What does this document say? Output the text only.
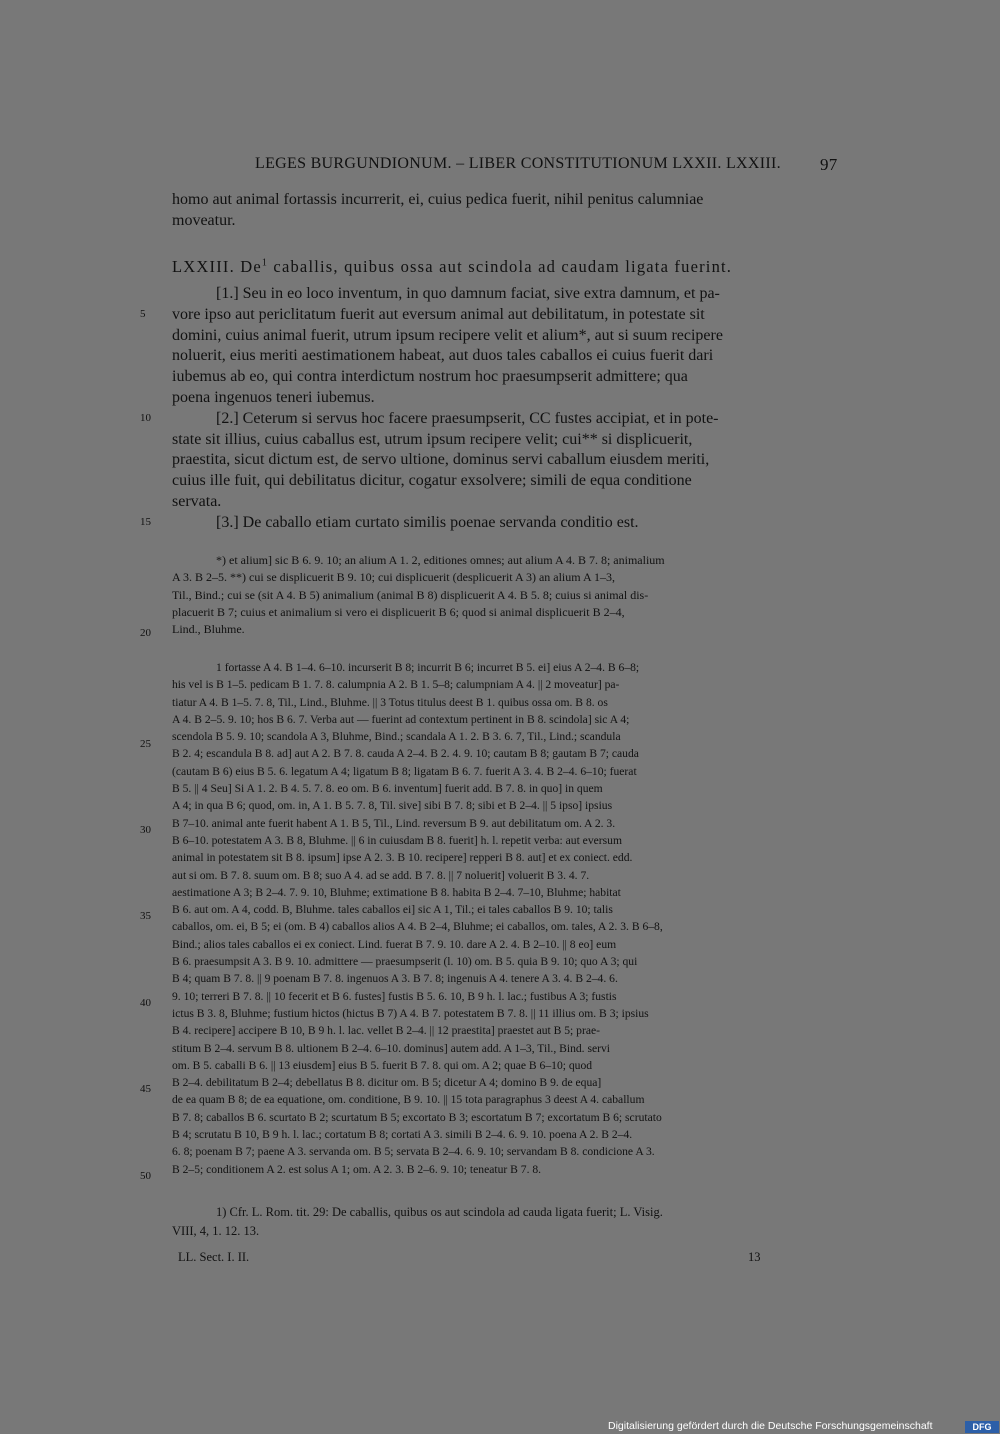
LEGES BURGUNDIONUM. – LIBER CONSTITUTIONUM LXXII. LXXIII. 97
homo aut animal fortassis incurrerit, ei, cuius pedica fuerit, nihil penitus calumniae
moveatur.
LXXIII. De$^1$ caballis, quibus ossa aut scindola ad caudam ligata fuerint.
[1.] Seu in eo loco inventum, in quo damnum faciat, sive extra damnum, et pa-
vore ipso aut periclitatum fuerit aut eversum animal aut debilitatum, in potestate sit
domini, cuius animal fuerit, utrum ipsum recipere velit et alium*, aut si suum recipere
noluerit, eius meriti aestimationem habeat, aut duos tales caballos ei cuius fuerit dari
iubemus ab eo, qui contra interdictum nostrum hoc praesumpserit admittere; qua
poena ingenuos teneri iubemus.
[2.] Ceterum si servus hoc facere praesumpserit, CC fustes accipiat, et in pote-
state sit illius, cuius caballus est, utrum ipsum recipere velit; cui** si displicuerit,
praestita, sicut dictum est, de servo ultione, dominus servi caballum eiusdem meriti,
cuius ille fuit, qui debilitatus dicitur, cogatur exsolvere; simili de equa conditione
servata.
[3.] De caballo etiam curtato similis poenae servanda conditio est.
5
10
15
20
25
30
35
40
45
50
*) et alium] sic B 6. 9. 10; an alium A 1. 2, editiones omnes; aut alium A 4. B 7. 8; animalium
A 3. B 2–5. **) cui se displicuerit B 9. 10; cui displicuerit (desplicuerit A 3) an alium A 1–3,
Til., Bind.; cui se (sit A 4. B 5) animalium (animal B 8) displicuerit A 4. B 5. 8; cuius si animal dis-
placuerit B 7; cuius et animalium si vero ei displicuerit B 6; quod si animal displicuerit B 2–4,
Lind., Bluhme.
1 fortasse A 4. B 1–4. 6–10. incurserit B 8; incurrit B 6; incurret B 5. ei] eius A 2–4. B 6–8;
his vel is B 1–5. pedicam B 1. 7. 8. calumpnia A 2. B 1. 5–8; calumpniam A 4. || 2 moveatur] pa-
tiatur A 4. B 1–5. 7. 8, Til., Lind., Bluhme. || 3 Totus titulus deest B 1. quibus ossa om. B 8. os
A 4. B 2–5. 9. 10; hos B 6. 7. Verba aut — fuerint ad contextum pertinent in B 8. scindola] sic A 4;
scendola B 5. 9. 10; scandola A 3, Bluhme, Bind.; scandala A 1. 2. B 3. 6. 7, Til., Lind.; scandula
B 2. 4; escandula B 8. ad] aut A 2. B 7. 8. cauda A 2–4. B 2. 4. 9. 10; cautam B 8; gautam B 7; cauda
(cautam B 6) eius B 5. 6. legatum A 4; ligatum B 8; ligatam B 6. 7. fuerit A 3. 4. B 2–4. 6–10; fuerat
B 5. || 4 Seu] Si A 1. 2. B 4. 5. 7. 8. eo om. B 6. inventum] fuerit add. B 7. 8. in quo] in quem
A 4; in qua B 6; quod, om. in, A 1. B 5. 7. 8, Til. sive] sibi B 7. 8; sibi et B 2–4. || 5 ipso] ipsius
B 7–10. animal ante fuerit habent A 1. B 5, Til., Lind. reversum B 9. aut debilitatum om. A 2. 3.
B 6–10. potestatem A 3. B 8, Bluhme. || 6 in cuiusdam B 8. fuerit] h. l. repetit verba: aut eversum
animal in potestatem sit B 8. ipsum] ipse A 2. 3. B 10. recipere] repperi B 8. aut] et ex coniect. edd.
aut si om. B 7. 8. suum om. B 8; suo A 4. ad se add. B 7. 8. || 7 noluerit] voluerit B 3. 4. 7.
aestimatione A 3; B 2–4. 7. 9. 10, Bluhme; extimatione B 8. habita B 2–4. 7–10, Bluhme; habitat
B 6. aut om. A 4, codd. B, Bluhme. tales caballos ei] sic A 1, Til.; ei tales caballos B 9. 10; talis
caballos, om. ei, B 5; ei (om. B 4) caballos alios A 4. B 2–4, Bluhme; ei caballos, om. tales, A 2. 3. B 6–8,
Bind.; alios tales caballos ei ex coniect. Lind. fuerat B 7. 9. 10. dare A 2. 4. B 2–10. || 8 eo] eum
B 6. praesumpsit A 3. B 9. 10. admittere — praesumpserit (l. 10) om. B 5. quia B 9. 10; quo A 3; qui
B 4; quam B 7. 8. || 9 poenam B 7. 8. ingenuos A 3. B 7. 8; ingenuis A 4. tenere A 3. 4. B 2–4. 6.
9. 10; terreri B 7. 8. || 10 fecerit et B 6. fustes] fustis B 5. 6. 10, B 9 h. l. lac.; fustibus A 3; fustis
ictus B 3. 8, Bluhme; fustium hictos (hictus B 7) A 4. B 7. potestatem B 7. 8. || 11 illius om. B 3; ipsius
B 4. recipere] accipere B 10, B 9 h. l. lac. vellet B 2–4. || 12 praestita] praestet aut B 5; prae-
stitum B 2–4. servum B 8. ultionem B 2–4. 6–10. dominus] autem add. A 1–3, Til., Bind. servi
om. B 5. caballi B 6. || 13 eiusdem] eius B 5. fuerit B 7. 8. qui om. A 2; quae B 6–10; quod
B 2–4. debilitatum B 2–4; debellatus B 8. dicitur om. B 5; dicetur A 4; domino B 9. de equa]
de ea quam B 8; de ea equatione, om. conditione, B 9. 10. || 15 tota paragraphus 3 deest A 4. caballum
B 7. 8; caballos B 6. scurtato B 2; scurtatum B 5; excortato B 3; escortatum B 7; excortatum B 6; scrutato
B 4; scrutatu B 10, B 9 h. l. lac.; cortatum B 8; cortati A 3. simili B 2–4. 6. 9. 10. poena A 2. B 2–4.
6. 8; poenam B 7; paene A 3. servanda om. B 5; servata B 2–4. 6. 9. 10; servandam B 8. condicione A 3.
B 2–5; conditionem A 2. est solus A 1; om. A 2. 3. B 2–6. 9. 10; teneatur B 7. 8.
1) Cfr. L. Rom. tit. 29: De caballis, quibus os aut scindola ad cauda ligata fuerit; L. Visig.
VIII, 4, 1. 12. 13.
LL. Sect. I. II.	13
Digitalisierung gefördert durch die Deutsche Forschungsgemeinschaft	DFG
